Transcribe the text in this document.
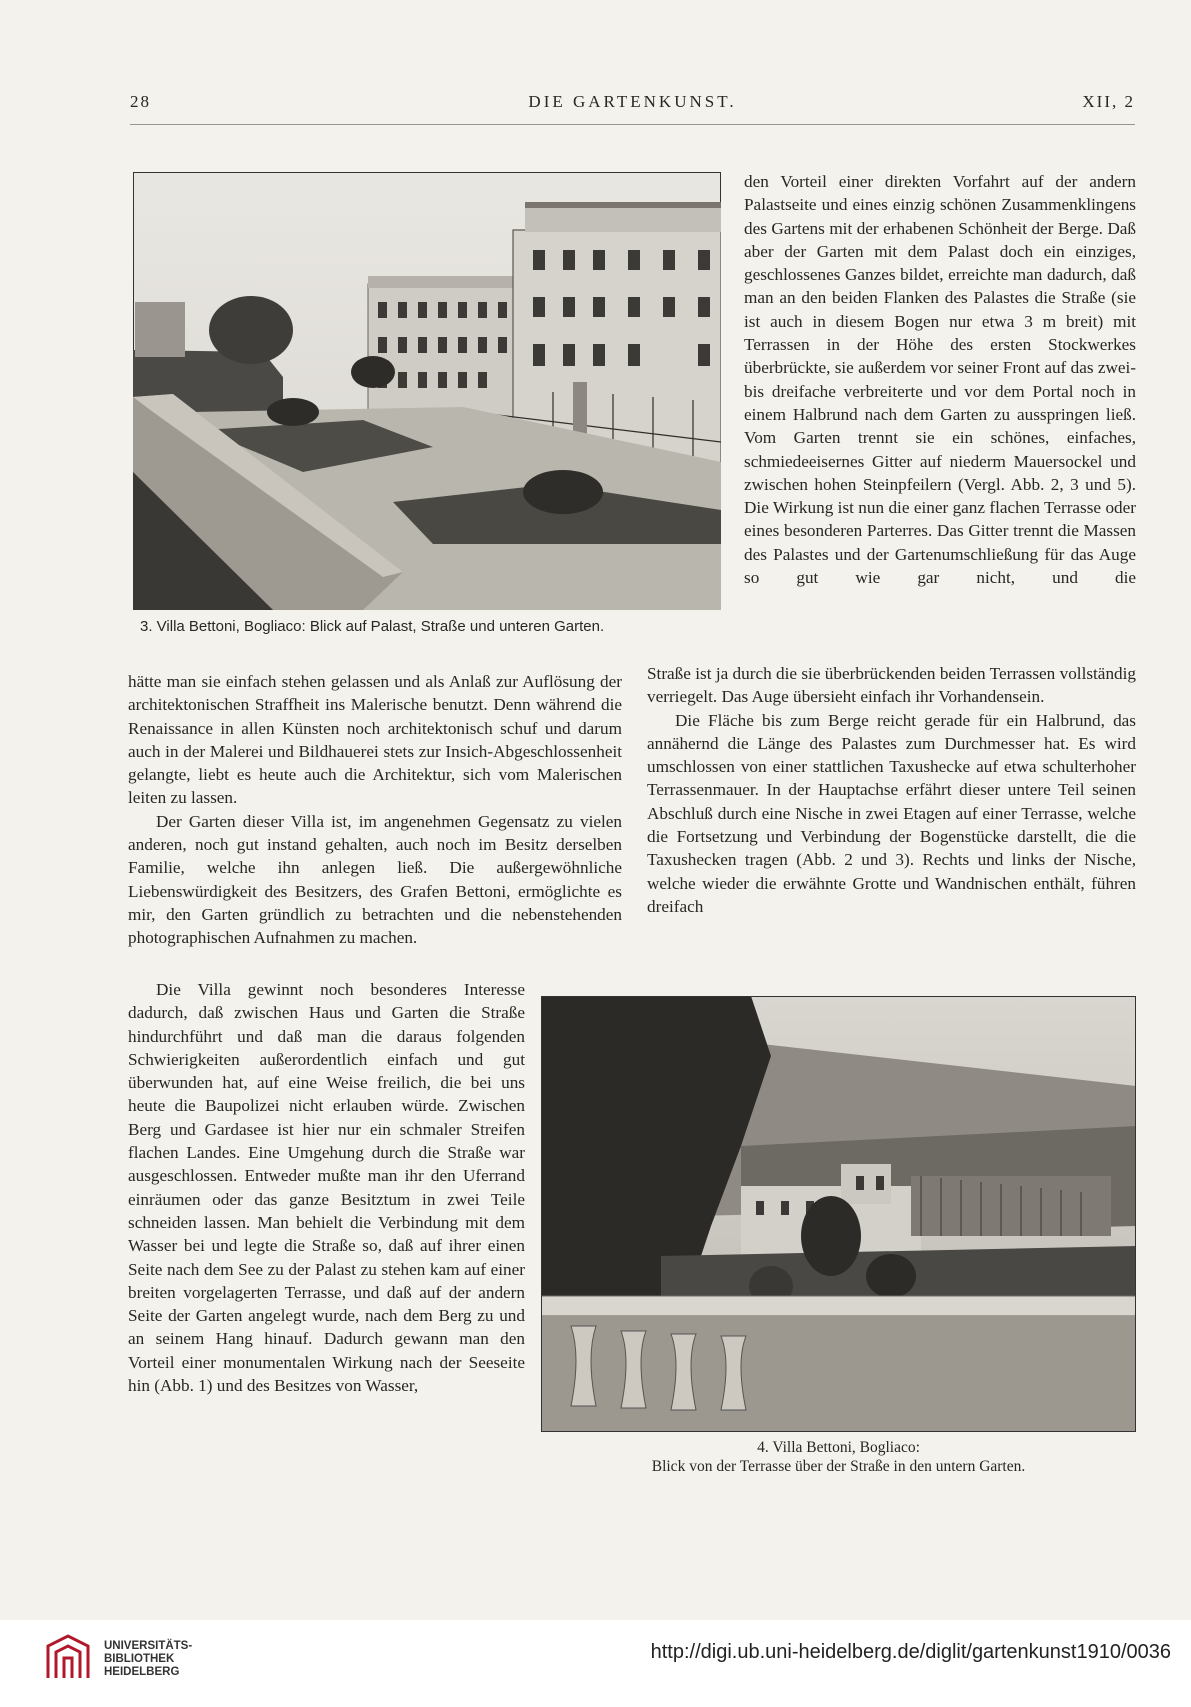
28	DIE GARTENKUNST.	XII, 2
3. Villa Bettoni, Bogliaco: Blick auf Palast, Straße und unteren Garten.

den Vorteil einer direkten Vorfahrt auf der andern Palastseite und eines einzig schönen Zusammenklingens des Gartens mit der erhabenen Schönheit der Berge. Daß aber der Garten mit dem Palast doch ein einziges, geschlossenes Ganzes bildet, erreichte man dadurch, daß man an den beiden Flanken des Palastes die Straße (sie ist auch in diesem Bogen nur etwa 3 m breit) mit Terrassen in der Höhe des ersten Stockwerkes überbrückte, sie außerdem vor seiner Front auf das zwei- bis dreifache verbreiterte und vor dem Portal noch in einem Halbrund nach dem Garten zu ausspringen ließ. Vom Garten trennt sie ein schönes, einfaches, schmiedeeisernes Gitter auf niederm Mauersockel und zwischen hohen Steinpfeilern (Vergl. Abb. 2, 3 und 5). Die Wirkung ist nun die einer ganz flachen Terrasse oder eines besonderen Parterres. Das Gitter trennt die Massen des Palastes und der Gartenumschließung für das Auge so gut wie gar nicht, und die

hätte man sie einfach stehen gelassen und als Anlaß zur Auflösung der architektonischen Straffheit ins Malerische benutzt. Denn während die Renaissance in allen Künsten noch architektonisch schuf und darum auch in der Malerei und Bildhauerei stets zur Insich-Abgeschlossenheit gelangte, liebt es heute auch die Architektur, sich vom Malerischen leiten zu lassen.

Der Garten dieser Villa ist, im angenehmen Gegensatz zu vielen anderen, noch gut instand gehalten, auch noch im Besitz derselben Familie, welche ihn anlegen ließ. Die außergewöhnliche Liebenswürdigkeit des Besitzers, des Grafen Bettoni, ermöglichte es mir, den Garten gründlich zu betrachten und die nebenstehenden photographischen Aufnahmen zu machen.

Straße ist ja durch die sie überbrückenden beiden Terrassen vollständig verriegelt. Das Auge übersieht einfach ihr Vorhandensein.

Die Fläche bis zum Berge reicht gerade für ein Halbrund, das annähernd die Länge des Palastes zum Durchmesser hat. Es wird umschlossen von einer stattlichen Taxushecke auf etwa schulterhoher Terrassenmauer. In der Hauptachse erfährt dieser untere Teil seinen Abschluß durch eine Nische in zwei Etagen auf einer Terrasse, welche die Fortsetzung und Verbindung der Bogenstücke darstellt, die die Taxushecken tragen (Abb. 2 und 3). Rechts und links der Nische, welche wieder die erwähnte Grotte und Wandnischen enthält, führen dreifach

Die Villa gewinnt noch besonderes Interesse dadurch, daß zwischen Haus und Garten die Straße hindurchführt und daß man die daraus folgenden Schwierigkeiten außerordentlich einfach und gut überwunden hat, auf eine Weise freilich, die bei uns heute die Baupolizei nicht erlauben würde. Zwischen Berg und Gardasee ist hier nur ein schmaler Streifen flachen Landes. Eine Umgehung durch die Straße war ausgeschlossen. Entweder mußte man ihr den Uferrand einräumen oder das ganze Besitztum in zwei Teile schneiden lassen. Man behielt die Verbindung mit dem Wasser bei und legte die Straße so, daß auf ihrer einen Seite nach dem See zu der Palast zu stehen kam auf einer breiten vorgelagerten Terrasse, und daß auf der andern Seite der Garten angelegt wurde, nach dem Berg zu und an seinem Hang hinauf. Dadurch gewann man den Vorteil einer monumentalen Wirkung nach der Seeseite hin (Abb. 1) und des Besitzes von Wasser,

4. Villa Bettoni, Bogliaco:
Blick von der Terrasse über der Straße in den untern Garten.
UNIVERSITÄTS-
BIBLIOTHEK
HEIDELBERG
http://digi.ub.uni-heidelberg.de/diglit/gartenkunst1910/0036
